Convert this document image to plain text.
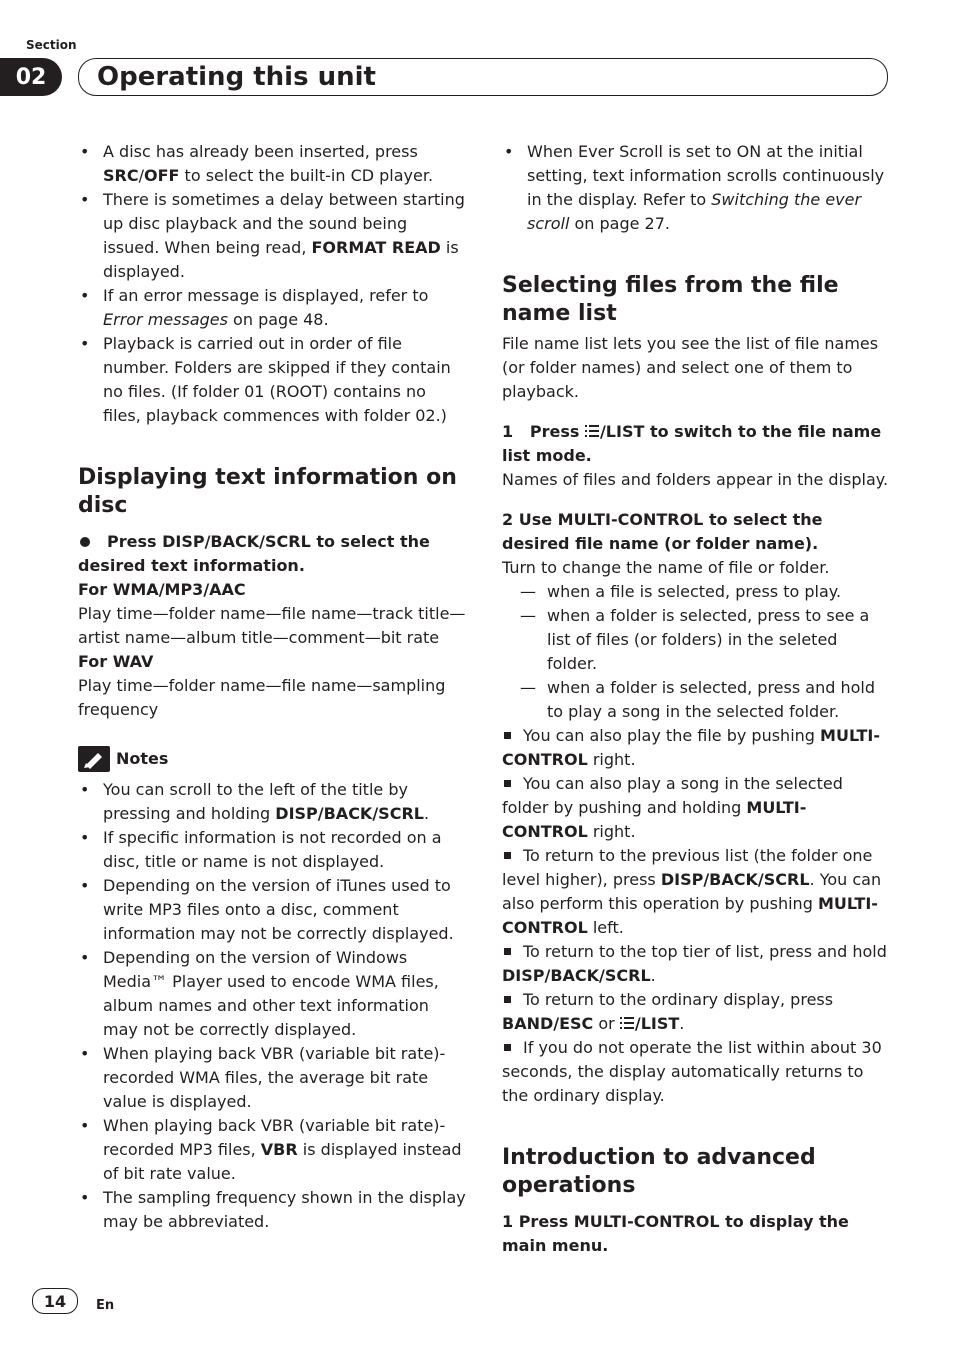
Section
02	Operating this unit
• A disc has already been inserted, press SRC/OFF to select the built-in CD player.
• There is sometimes a delay between starting up disc playback and the sound being issued. When being read, FORMAT READ is displayed.
• If an error message is displayed, refer to Error messages on page 48.
• Playback is carried out in order of file number. Folders are skipped if they contain no files. (If folder 01 (ROOT) contains no files, playback commences with folder 02.)
Displaying text information on disc

Press DISP/BACK/SCRL to select the desired text information.

For WMA/MP3/AAC

Play time—folder name—file name—track title—artist name—album title—comment—bit rate

For WAV

Play time—folder name—file name—sampling frequency

Notes
• You can scroll to the left of the title by pressing and holding DISP/BACK/SCRL.
• If specific information is not recorded on a disc, title or name is not displayed.
• Depending on the version of iTunes used to write MP3 files onto a disc, comment information may not be correctly displayed.
• Depending on the version of Windows Media™ Player used to encode WMA files, album names and other text information may not be correctly displayed.
• When playing back VBR (variable bit rate)-recorded WMA files, the average bit rate value is displayed.
• When playing back VBR (variable bit rate)-recorded MP3 files, VBR is displayed instead of bit rate value.
• The sampling frequency shown in the display may be abbreviated.
• When Ever Scroll is set to ON at the initial setting, text information scrolls continuously in the display. Refer to Switching the ever scroll on page 27.
Selecting files from the file name list

File name list lets you see the list of file names (or folder names) and select one of them to playback.

1 Press /LIST to switch to the file name list mode.

Names of files and folders appear in the display.

2 Use MULTI-CONTROL to select the desired file name (or folder name).

Turn to change the name of file or folder.

— when a file is selected, press to play.
— when a folder is selected, press to see a list of files (or folders) in the seleted folder.
— when a folder is selected, press and hold to play a song in the selected folder.

You can also play the file by pushing MULTI-CONTROL right.

You can also play a song in the selected folder by pushing and holding MULTI-CONTROL right.

To return to the previous list (the folder one level higher), press DISP/BACK/SCRL. You can also perform this operation by pushing MULTI-CONTROL left.

To return to the top tier of list, press and hold DISP/BACK/SCRL.

To return to the ordinary display, press BAND/ESC or /LIST.

If you do not operate the list within about 30 seconds, the display automatically returns to the ordinary display.

Introduction to advanced operations

1 Press MULTI-CONTROL to display the main menu.

14	En
